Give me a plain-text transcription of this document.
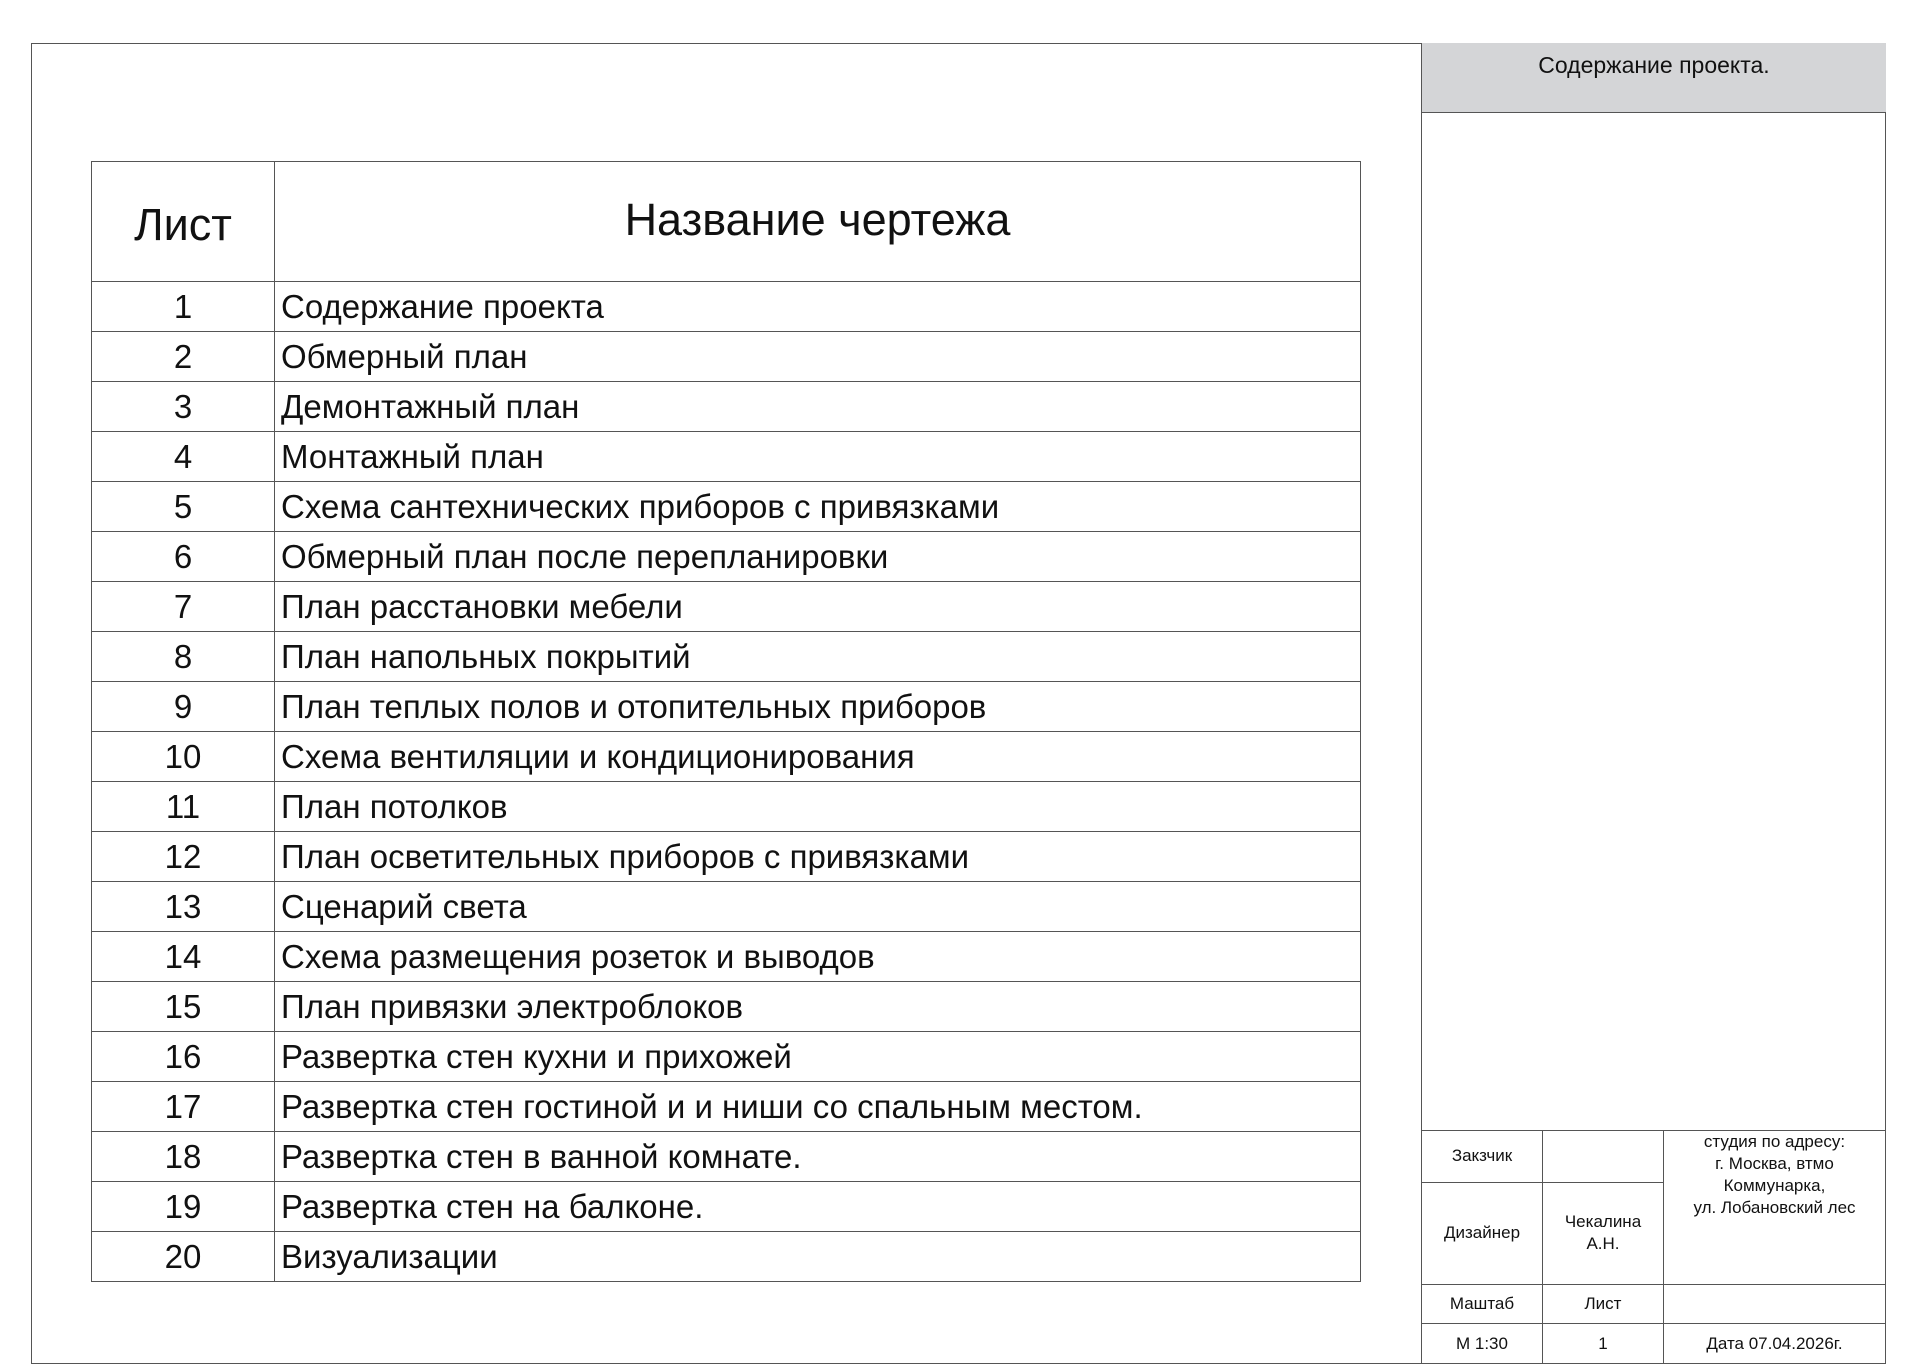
Содержание проекта.
Лист	Название чертежа
1	Содержание проекта
2	Обмерный план
3	Демонтажный план
4	Монтажный план
5	Схема сантехнических приборов с привязками
6	Обмерный план после перепланировки
7	План расстановки мебели
8	План напольных покрытий
9	План теплых полов и отопительных приборов
10	Схема вентиляции и кондиционирования
11	План потолков
12	План осветительных приборов с привязками
13	Сценарий света
14	Схема размещения розеток и выводов
15	План привязки электроблоков
16	Развертка стен кухни и прихожей
17	Развертка стен гостиной и и ниши со спальным местом.
18	Развертка стен в ванной комнате.
19	Развертка стен на балконе.
20	Визуализации
Закзчик		студия по адресу:
г. Москва, втмо
Коммунарка,
ул. Лобановский лес

Дизайнер	Чекалина
А.Н.	

Маштаб	Лист	
М 1:30	1	Дата 07.04.2026г.
